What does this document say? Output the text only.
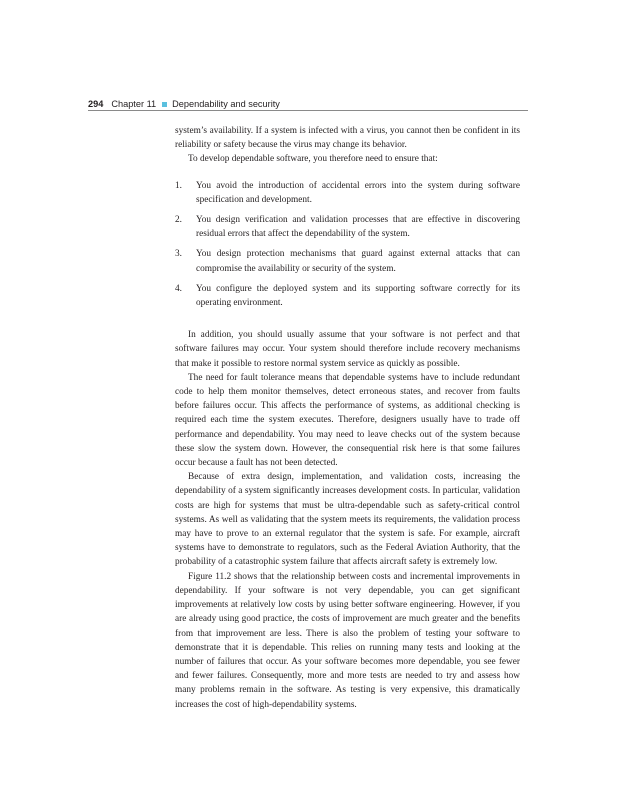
294 Chapter 11 Dependability and security

system’s availability. If a system is infected with a virus, you cannot then be confident in its reliability or safety because the virus may change its behavior.

To develop dependable software, you therefore need to ensure that:

1. You avoid the introduction of accidental errors into the system during software specification and development.
2. You design verification and validation processes that are effective in discovering residual errors that affect the dependability of the system.
3. You design protection mechanisms that guard against external attacks that can compromise the availability or security of the system.
4. You configure the deployed system and its supporting software correctly for its operating environment.

In addition, you should usually assume that your software is not perfect and that software failures may occur. Your system should therefore include recovery mechanisms that make it possible to restore normal system service as quickly as possible.

The need for fault tolerance means that dependable systems have to include redundant code to help them monitor themselves, detect erroneous states, and recover from faults before failures occur. This affects the performance of systems, as additional checking is required each time the system executes. Therefore, designers usually have to trade off performance and dependability. You may need to leave checks out of the system because these slow the system down. However, the consequential risk here is that some failures occur because a fault has not been detected.

Because of extra design, implementation, and validation costs, increasing the dependability of a system significantly increases development costs. In particular, validation costs are high for systems that must be ultra-dependable such as safety-critical control systems. As well as validating that the system meets its requirements, the validation process may have to prove to an external regulator that the system is safe. For example, aircraft systems have to demonstrate to regulators, such as the Federal Aviation Authority, that the probability of a catastrophic system failure that affects aircraft safety is extremely low.

Figure 11.2 shows that the relationship between costs and incremental improvements in dependability. If your software is not very dependable, you can get significant improvements at relatively low costs by using better software engineering. However, if you are already using good practice, the costs of improvement are much greater and the benefits from that improvement are less. There is also the problem of testing your software to demonstrate that it is dependable. This relies on running many tests and looking at the number of failures that occur. As your software becomes more dependable, you see fewer and fewer failures. Consequently, more and more tests are needed to try and assess how many problems remain in the software. As testing is very expensive, this dramatically increases the cost of high-dependability systems.
